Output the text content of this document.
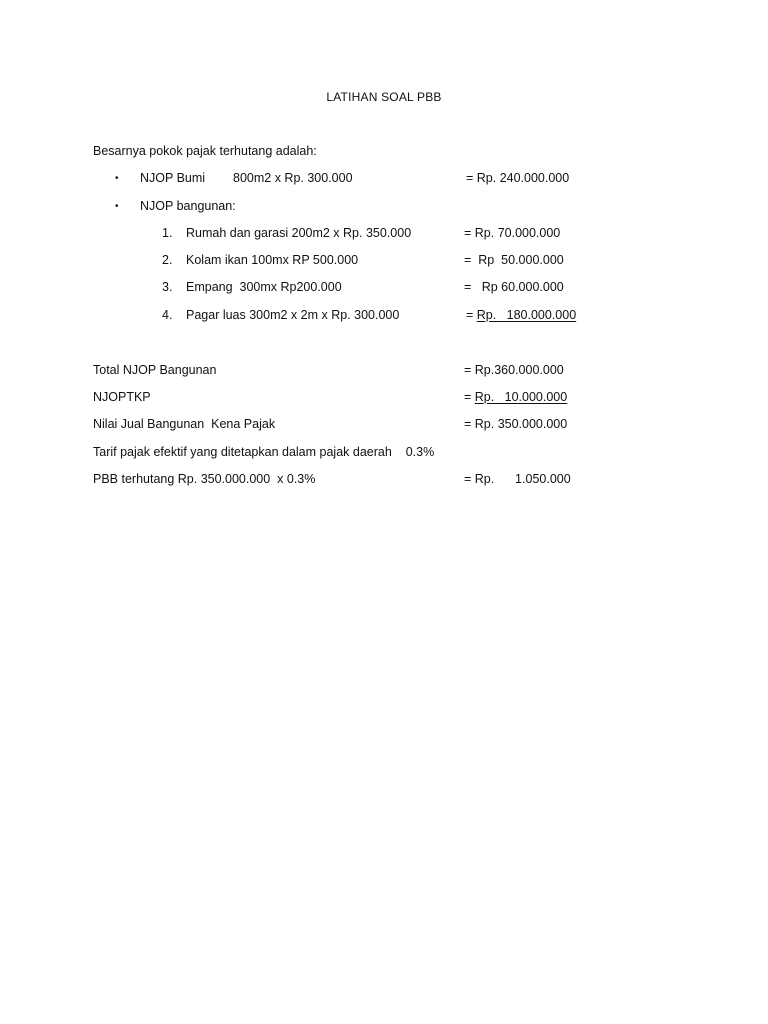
LATIHAN SOAL PBB
Besarnya pokok pajak terhutang adalah:
• NJOP Bumi 800m2 x Rp. 300.000	= Rp. 240.000.000
• NJOP bangunan:
1. Rumah dan garasi 200m2 x Rp. 350.000	= Rp. 70.000.000
2. Kolam ikan 100mx RP 500.000	=  Rp  50.000.000
3. Empang  300mx Rp200.000	=   Rp 60.000.000
4. Pagar luas 300m2 x 2m x Rp. 300.000	= Rp.   180.000.000
Total NJOP Bangunan	= Rp.360.000.000
NJOPTKP	= Rp.   10.000.000
Nilai Jual Bangunan  Kena Pajak	= Rp. 350.000.000
Tarif pajak efektif yang ditetapkan dalam pajak daerah    0.3%
PBB terhutang Rp. 350.000.000  x 0.3%	= Rp.      1.050.000
